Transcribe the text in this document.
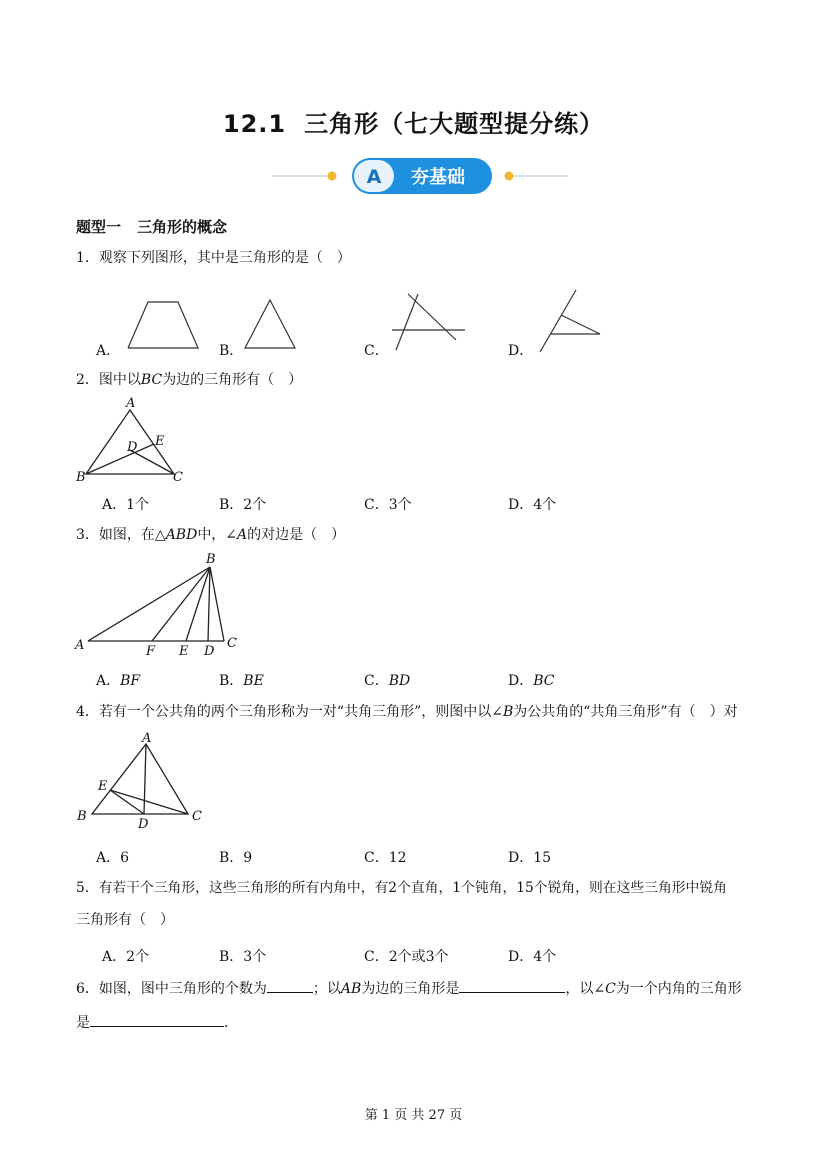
12.1 三角形（七大题型提分练）
A 夯基础
题型一 三角形的概念
1．观察下列图形，其中是三角形的是（　）
A．	B．	C．	D．
2．图中以BC为边的三角形有（　）
A
D E
B	C
A．1个	B．2个	C．3个	D．4个
3．如图，在△ABD中，∠A的对边是（　）
B
A	F E D
C
A．BF	B．BE	C．BD	D．BC
4．若有一个公共角的两个三角形称为一对“共角三角形”，则图中以∠B为公共角的“共角三角形”有（　）对
A
E
B
D
C
A．6	B．9	C．12	D．15
5．有若干个三角形，这些三角形的所有内角中，有2个直角，1个钝角，15个锐角，则在这些三角形中锐角
三角形有（　）
A．2个	B．3个	C．2个或3个	D．4个
6．如图，图中三角形的个数为	；以AB为边的三角形是	，以∠C为一个内角的三角形
是	．
第 1 页 共 27 页
